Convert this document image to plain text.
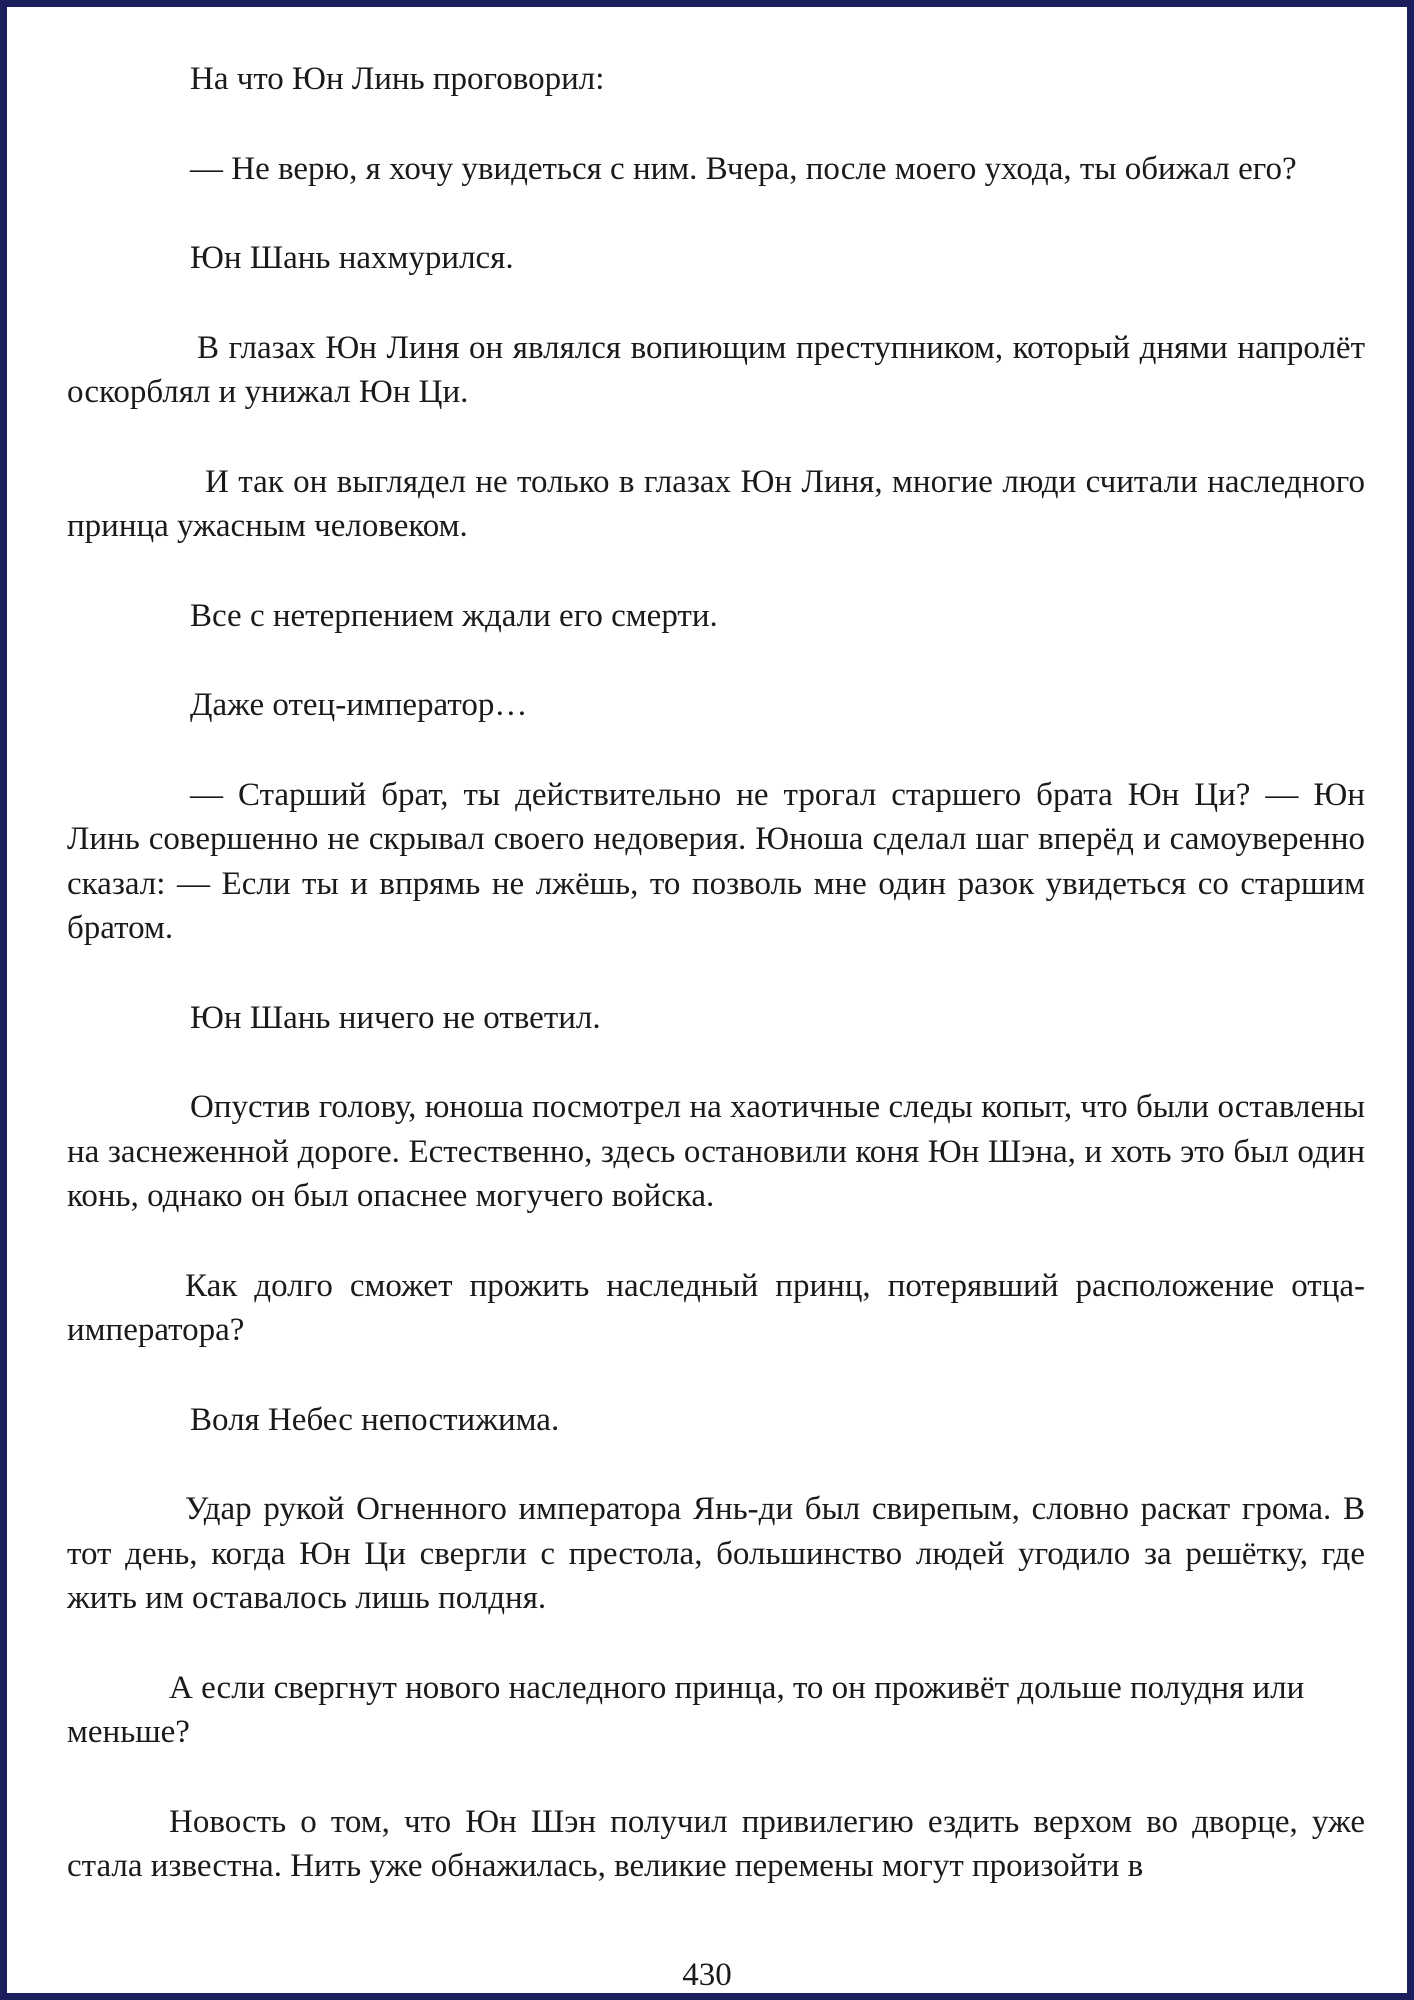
На что Юн Линь проговорил:

— Не верю, я хочу увидеться с ним. Вчера, после моего ухода, ты обижал его?

Юн Шань нахмурился.

В глазах Юн Линя он являлся вопиющим преступником, который днями напролёт оскорблял и унижал Юн Ци.

И так он выглядел не только в глазах Юн Линя, многие люди считали наследного принца ужасным человеком.

Все с нетерпением ждали его смерти.

Даже отец-император…

— Старший брат, ты действительно не трогал старшего брата Юн Ци? — Юн Линь совершенно не скрывал своего недоверия. Юноша сделал шаг вперёд и самоуверенно сказал: — Если ты и впрямь не лжёшь, то позволь мне один разок увидеться со старшим братом.

Юн Шань ничего не ответил.

Опустив голову, юноша посмотрел на хаотичные следы копыт, что были оставлены на заснеженной дороге. Естественно, здесь остановили коня Юн Шэна, и хоть это был один конь, однако он был опаснее могучего войска.

Как долго сможет прожить наследный принц, потерявший расположение отца-императора?

Воля Небес непостижима.

Удар рукой Огненного императора Янь-ди был свирепым, словно раскат грома. В тот день, когда Юн Ци свергли с престола, большинство людей угодило за решётку, где жить им оставалось лишь полдня.

А если свергнут нового наследного принца, то он проживёт дольше полудня или меньше?

Новость о том, что Юн Шэн получил привилегию ездить верхом во дворце, уже стала известна. Нить уже обнажилась, великие перемены могут произойти в

430
